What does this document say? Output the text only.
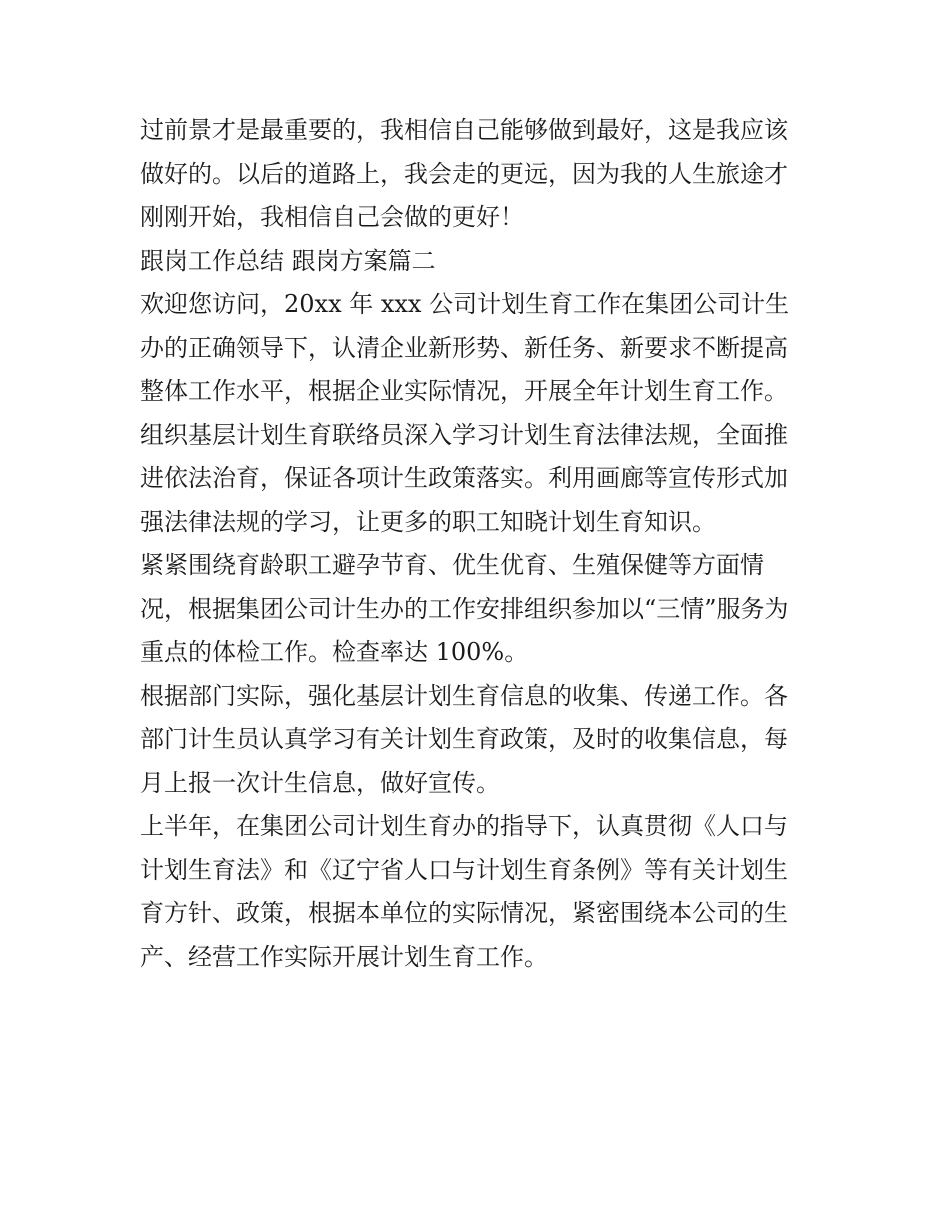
过前景才是最重要的，我相信自己能够做到最好，这是我应该
做好的。以后的道路上，我会走的更远，因为我的人生旅途才
刚刚开始，我相信自己会做的更好！
跟岗工作总结 跟岗方案篇二
欢迎您访问，20xx 年 xxx 公司计划生育工作在集团公司计生
办的正确领导下，认清企业新形势、新任务、新要求不断提高
整体工作水平，根据企业实际情况，开展全年计划生育工作。
组织基层计划生育联络员深入学习计划生育法律法规，全面推
进依法治育，保证各项计生政策落实。利用画廊等宣传形式加
强法律法规的学习，让更多的职工知晓计划生育知识。
紧紧围绕育龄职工避孕节育、优生优育、生殖保健等方面情
况，根据集团公司计生办的工作安排组织参加以“三情”服务为
重点的体检工作。检查率达 100%。
根据部门实际，强化基层计划生育信息的收集、传递工作。各
部门计生员认真学习有关计划生育政策，及时的收集信息，每
月上报一次计生信息，做好宣传。
上半年，在集团公司计划生育办的指导下，认真贯彻《人口与
计划生育法》和《辽宁省人口与计划生育条例》等有关计划生
育方针、政策，根据本单位的实际情况，紧密围绕本公司的生
产、经营工作实际开展计划生育工作。
